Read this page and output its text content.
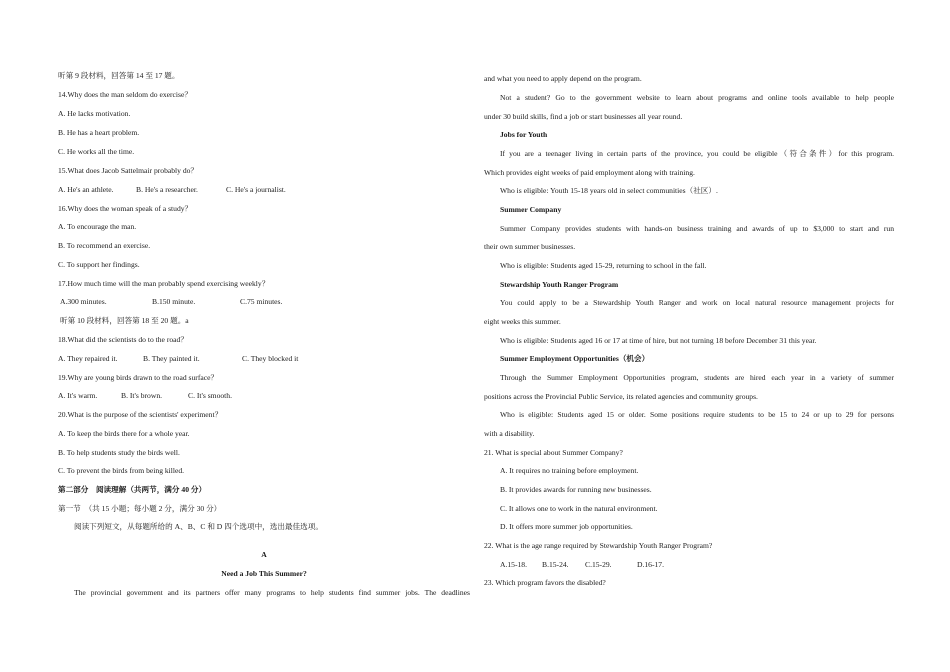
听第 9 段材料，回答第 14 至 17 题。
14.Why does the man seldom do exercise？
A. He lacks motivation.
B. He has a heart problem.
C. He works all the time.
15.What does Jacob Sattelmair probably do？
A. He's an athlete.	B. He's a researcher.	C. He's a journalist.
16.Why does the woman speak of a study？
A. To encourage the man.
B. To recommend an exercise.
C. To support her findings.
17.How much time will the man probably spend exercising weekly？
A.300 minutes.	B.150 minute.	C.75 minutes.
听第 10 段材料，回答第 18 至 20 题。a
18.What did the scientists do to the road？
A. They repaired it.	B. They painted it.	C. They blocked it
19.Why are young birds drawn to the road surface？
A. It's warm.	B. It's brown.	C. It's smooth.
20.What is the purpose of the scientists' experiment？
A. To keep the birds there for a whole year.
B. To help students study the birds well.
C. To prevent the birds from being killed.
第二部分　阅读理解（共两节，满分 40 分）
第一节　（共 15 小题；每小题 2 分，满分 30 分）
阅读下列短文，从每题所给的 A、B、C 和 D 四个选项中，选出最佳选项。
A
Need a Job This Summer?
The provincial government and its partners offer many programs to help students find summer jobs. The deadlines
and what you need to apply depend on the program.
Not a student? Go to the government website to learn about programs and online tools available to help people
under 30 build skills, find a job or start businesses all year round.
Jobs for Youth
If you are a teenager living in certain parts of the province, you could be eligible（符合条件）for this program.
Which provides eight weeks of paid employment along with training.
Who is eligible: Youth 15-18 years old in select communities（社区）.
Summer Company
Summer Company provides students with hands-on business training and awards of up to $3,000 to start and run
their own summer businesses.
Who is eligible: Students aged 15-29, returning to school in the fall.
Stewardship Youth Ranger Program
You could apply to be a Stewardship Youth Ranger and work on local natural resource management projects for
eight weeks this summer.
Who is eligible: Students aged 16 or 17 at time of hire, but not turning 18 before December 31 this year.
Summer Employment Opportunities（机会）
Through the Summer Employment Opportunities program, students are hired each year in a variety of summer
positions across the Provincial Public Service, its related agencies and community groups.
Who is eligible: Students aged 15 or older. Some positions require students to be 15 to 24 or up to 29 for persons
with a disability.
21. What is special about Summer Company?
A. It requires no training before employment.
B. It provides awards for running new businesses.
C. It allows one to work in the natural environment.
D. It offers more summer job opportunities.
22. What is the age range required by Stewardship Youth Ranger Program?
A.15-18. B.15-24. C.15-29.	D.16-17.
23. Which program favors the disabled?
